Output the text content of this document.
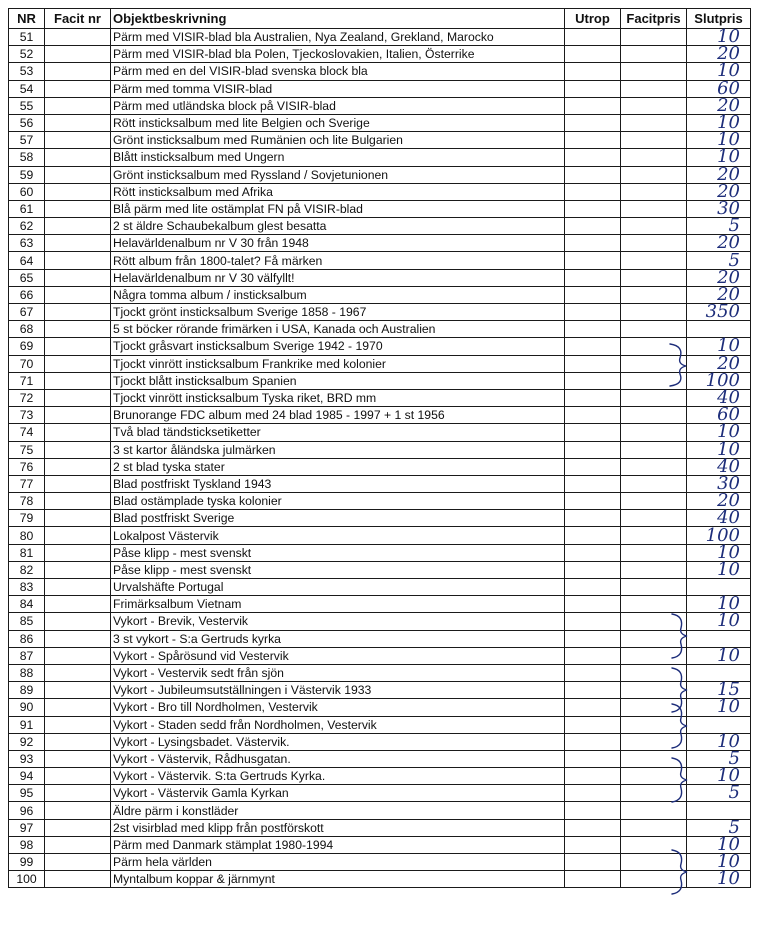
NR	Facit nr	Objektbeskrivning	Utrop	Facitpris	Slutpris
51		Pärm med VISIR-blad bla Australien, Nya Zealand, Grekland, Marocko			10
52		Pärm med VISIR-blad bla Polen, Tjeckoslovakien, Italien, Österrike			20
53		Pärm med en del VISIR-blad svenska block bla			10
54		Pärm med tomma VISIR-blad			60
55		Pärm med utländska block på VISIR-blad			20
56		Rött insticksalbum med lite Belgien och Sverige			10
57		Grönt insticksalbum med Rumänien och lite Bulgarien			10
58		Blått insticksalbum med Ungern			10
59		Grönt insticksalbum med Ryssland / Sovjetunionen			20
60		Rött insticksalbum med Afrika			20
61		Blå pärm med lite ostämplat FN på VISIR-blad			30
62		2 st äldre Schaubekalbum glest besatta			5
63		Helavärldenalbum nr V 30 från 1948			20
64		Rött album från 1800-talet? Få märken			5
65		Helavärldenalbum nr V 30 välfyllt!			20
66		Några tomma album / insticksalbum			20
67		Tjockt grönt insticksalbum Sverige 1858 - 1967			350
68		5 st böcker rörande frimärken i USA, Kanada och Australien			
69		Tjockt gråsvart insticksalbum Sverige 1942 - 1970			10
70		Tjockt vinrött insticksalbum Frankrike med kolonier			20
71		Tjockt blått insticksalbum Spanien			100
72		Tjockt vinrött insticksalbum Tyska riket, BRD mm			40
73		Brunorange FDC album med 24 blad 1985 - 1997 + 1 st 1956			60
74		Två blad tändsticksetiketter			10
75		3 st kartor åländska julmärken			10
76		2 st blad tyska stater			40
77		Blad postfriskt Tyskland 1943			30
78		Blad ostämplade tyska kolonier			20
79		Blad postfriskt Sverige			40
80		Lokalpost Västervik			100
81		Påse klipp - mest svenskt			10
82		Påse klipp - mest svenskt			10
83		Urvalshäfte Portugal			
84		Frimärksalbum Vietnam			10
85		Vykort - Brevik, Vestervik			10
86		3 st vykort - S:a Gertruds kyrka			
87		Vykort - Spårösund vid Vestervik			10
88		Vykort - Vestervik sedt från sjön			
89		Vykort - Jubileumsutställningen i Västervik 1933			15
90		Vykort - Bro till Nordholmen, Vestervik			10
91		Vykort - Staden sedd från Nordholmen, Vestervik			
92		Vykort - Lysingsbadet. Västervik.			10
93		Vykort - Västervik, Rådhusgatan.			5
94		Vykort - Västervik. S:ta Gertruds Kyrka.			10
95		Vykort - Västervik Gamla Kyrkan			5
96		Äldre pärm i konstläder			
97		2st visirblad med klipp från postförskott			5
98		Pärm med Danmark stämplat 1980-1994			10
99		Pärm hela världen			10
100		Myntalbum koppar & järnmynt			10
